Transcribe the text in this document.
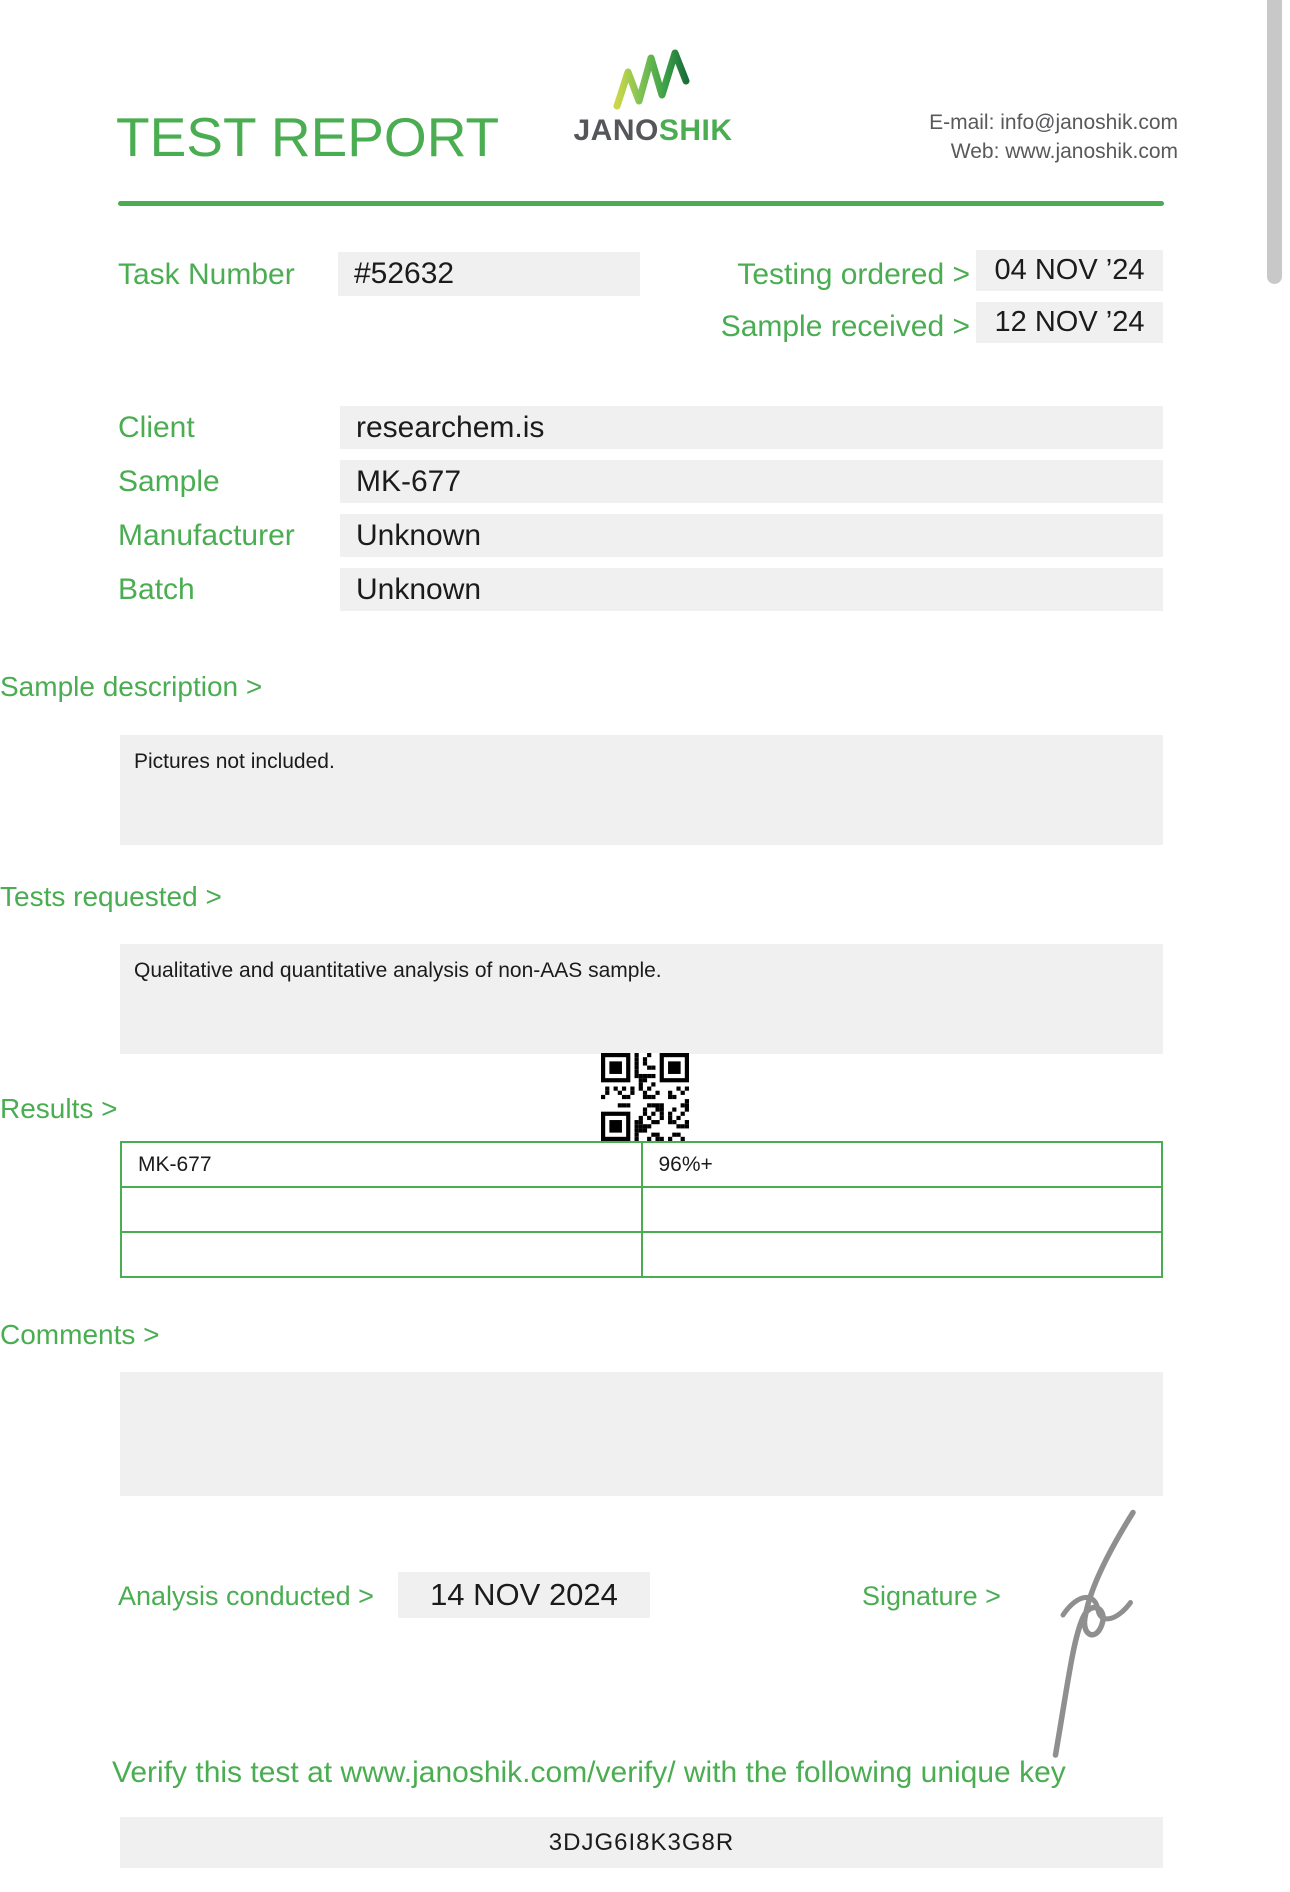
TEST REPORT	JANOSHIK	E-mail: info@janoshik.com
Web: www.janoshik.com
Task Number	#52632	Testing ordered > 04 NOV ’24
Sample received > 12 NOV ’24
Client	researchem.is
Sample	MK-677
Manufacturer	Unknown
Batch	Unknown
Sample description >
Pictures not included.
Tests requested >
Qualitative and quantitative analysis of non-AAS sample.
Results >
MK-677	96%+

Comments >
Analysis conducted >	14 NOV 2024	Signature >
Verify this test at www.janoshik.com/verify/ with the following unique key
3DJG6I8K3G8R
